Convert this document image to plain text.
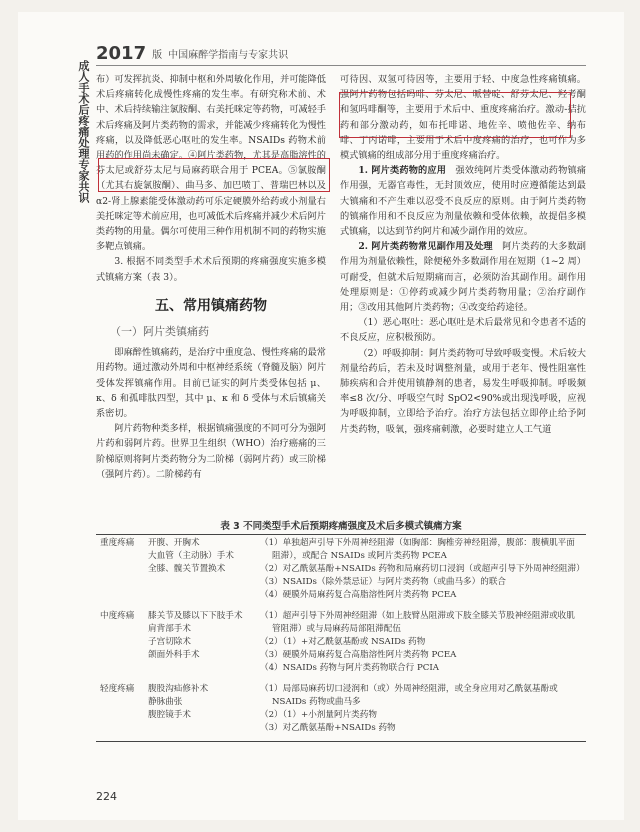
2017 版 中国麻醉学指南与专家共识
成人手术后疼痛处理专家共识 布）可发挥抗炎、抑制中枢和外周敏化作用，并可能降低术后疼痛转化成慢性疼痛的发生率。有研究称术前、术中、术后持续输注氯胺酮、右美托咪定等药物，可减轻手术后疼痛及阿片类药物的需求，并能减少疼痛转化为慢性疼痛，以及降低恶心呕吐的发生率。NSAIDs 药物术前用药的作用尚未确定。④阿片类药物，尤其是高脂溶性的芬太尼或舒芬太尼与局麻药联合用于 PCEA。⑤氯胺酮（尤其右旋氯胺酮）、曲马多、加巴喷丁、普瑞巴林以及 α2-肾上腺素能受体激动药可乐定硬膜外给药或小剂量右美托咪定等术前应用，也可减低术后疼痛并减少术后阿片类药物的用量。偶尔可使用三种作用机制不同的药物实施多靶点镇痛。

3. 根据不同类型手术术后预期的疼痛强度实施多模式镇痛方案（表 3）。

五、常用镇痛药物
（一）阿片类镇痛药

即麻醉性镇痛药，是治疗中重度急、慢性疼痛的最常用药物。通过激动外周和中枢神经系统（脊髓及脑）阿片受体发挥镇痛作用。目前已证实的阿片类受体包括 μ、κ、δ 和孤啡肽四型，其中 μ、κ 和 δ 受体与术后镇痛关系密切。

阿片药物种类多样，根据镇痛强度的不同可分为强阿片药和弱阿片药。世界卫生组织（WHO）治疗癌痛的三阶梯原则将阿片类药物分为二阶梯（弱阿片药）或三阶梯（强阿片药）。二阶梯药有

可待因、双氢可待因等，主要用于轻、中度急性疼痛镇痛。强阿片药物包括吗啡、芬太尼、哌替啶、舒芬太尼、羟考酮和氢吗啡酮等，主要用于术后中、重度疼痛治疗。激动-拮抗药和部分激动药，如布托啡诺、地佐辛、喷他佐辛、纳布啡、丁丙诺啡，主要用于术后中度疼痛的治疗，也可作为多模式镇痛的组成部分用于重度疼痛治疗。

1. 阿片类药物的应用　 强效纯阿片类受体激动药物镇痛作用强，无器官毒性，无封顶效应，使用时应遵循能达到最大镇痛和不产生难以忍受不良反应的原则。由于阿片类药物的镇痛作用和不良反应为剂量依赖和受体依赖，故提倡多模式镇痛，以达到节约阿片和减少副作用的效应。

2. 阿片类药物常见副作用及处理　 阿片类药的大多数副作用为剂量依赖性，除便秘外多数副作用在短期（1~2 周）可耐受，但就术后短期痛而言，必须防治其副作用。副作用处理原则是：①停药或减少阿片类药物用量；②治疗副作用；③改用其他阿片类药物；④改变给药途径。

（1）恶心呕吐：恶心呕吐是术后最常见和令患者不适的不良反应，应积极预防。

（2）呼吸抑制：阿片类药物可导致呼吸变慢。术后较大剂量给药后，若未及时调整剂量，或用于老年、慢性阻塞性肺疾病和合并使用镇静剂的患者，易发生呼吸抑制。呼吸频率≤8 次/分、呼吸空气时 SpO2<90%或出现浅呼吸，应视为呼吸抑制，立即给予治疗。治疗方法包括立即停止给予阿片类药物，吸氧，强疼痛刺激，必要时建立人工气道

表 3 不同类型手术后预期疼痛强度及术后多模式镇痛方案
重度疼痛	开腹、开胸术
大血管（主动脉）手术
全膝、髋关节置换术
（1）单独超声引导下外周神经阻滞（如胸部：胸椎旁神经阻滞，腹部：腹横肌平面阻滞），或配合 NSAIDs 或阿片类药物 PCEA
（2）对乙酰氨基酚+NSAIDs 药物和局麻药切口浸润（或超声引导下外周神经阻滞）
（3）NSAIDs（除外禁忌证）与阿片类药物（或曲马多）的联合
（4）硬膜外局麻药复合高脂溶性阿片类药物 PCEA
中度疼痛	膝关节及膝以下下肢手术
肩背部手术
子宫切除术
颌面外科手术
（1）超声引导下外周神经阻滞（如上肢臂丛阻滞或下肢全膝关节股神经阻滞或收肌管阻滞）或与局麻药局部阻滞配伍
（2）（1）+对乙酰氨基酚或 NSAIDs 药物
（3）硬膜外局麻药复合高脂溶性阿片类药物 PCEA
（4）NSAIDs 药物与阿片类药物联合行 PCIA
轻度疼痛	腹股沟疝修补术
静脉曲张
腹腔镜手术
（1）局部局麻药切口浸润和（或）外周神经阻滞，或全身应用对乙酰氨基酚或 NSAIDs 药物或曲马多
（2）（1）+小剂量阿片类药物
（3）对乙酰氨基酚+NSAIDs 药物
224
